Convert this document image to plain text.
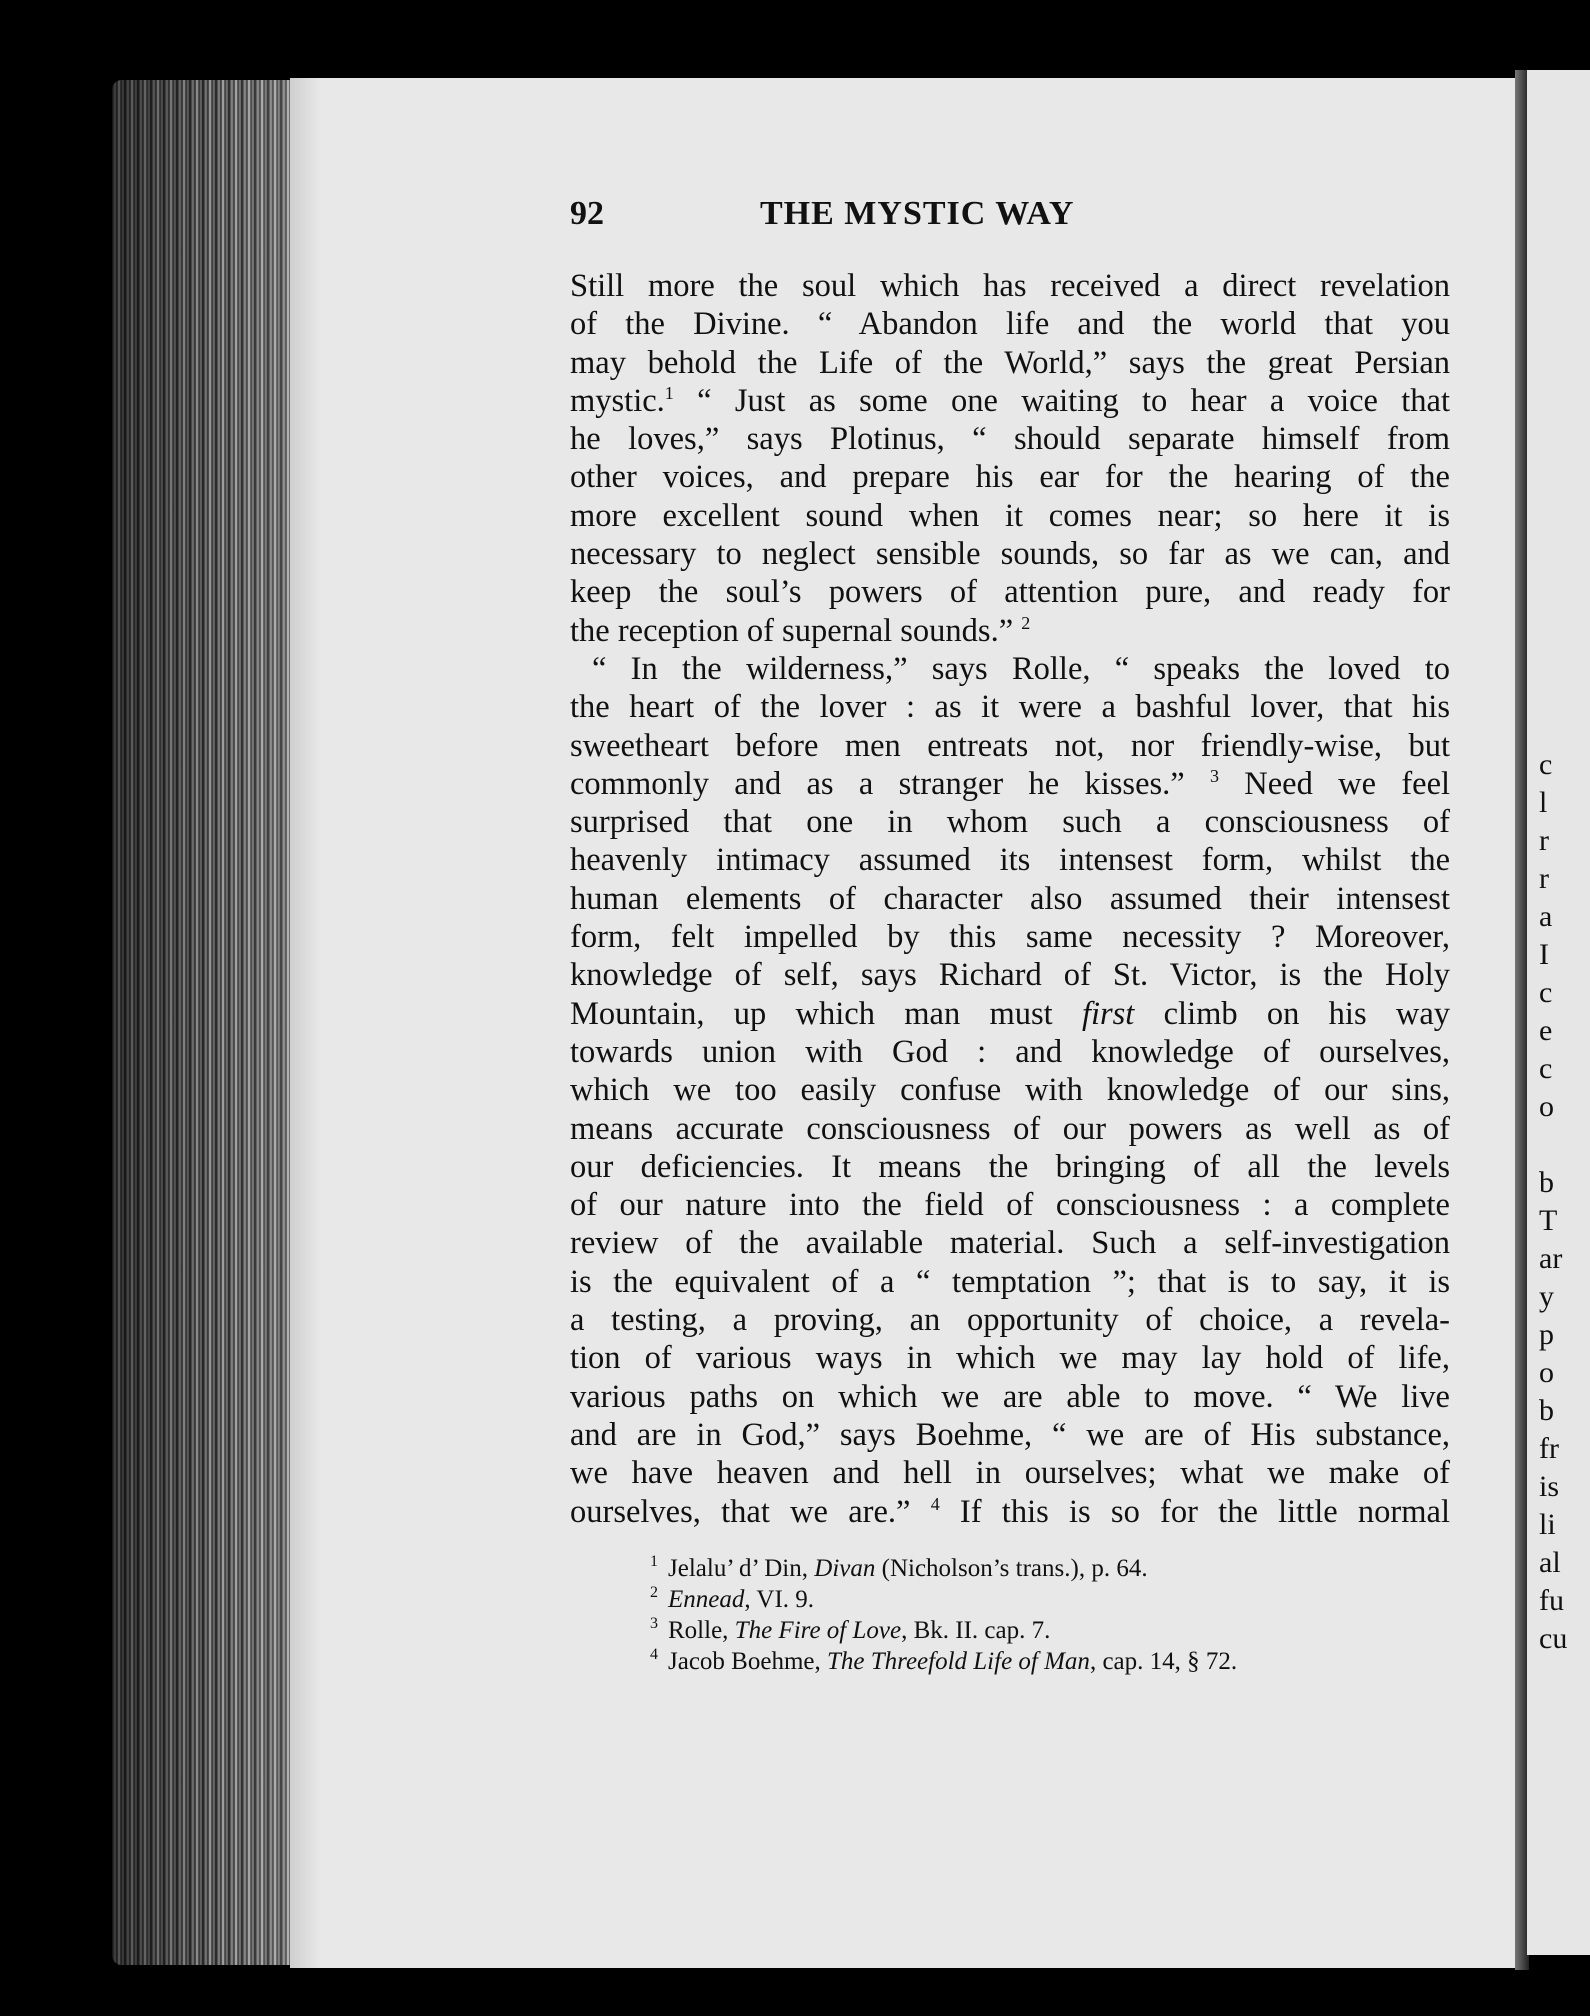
c
l
r
r
a
I
c
e
c
o
b
T
ar
y
p
o
b
fr
is
li
al
fu
cu
92	THE MYSTIC WAY
Still more the soul which has received a direct revelation
of the Divine. “ Abandon life and the world that you
may behold the Life of the World,” says the great Persian
mystic.$^1$ “ Just as some one waiting to hear a voice that
he loves,” says Plotinus, “ should separate himself from
other voices, and prepare his ear for the hearing of the
more excellent sound when it comes near; so here it is
necessary to neglect sensible sounds, so far as we can, and
keep the soul’s powers of attention pure, and ready for
the reception of supernal sounds.” $^2$
“ In the wilderness,” says Rolle, “ speaks the loved to
the heart of the lover : as it were a bashful lover, that his
sweetheart before men entreats not, nor friendly-wise, but
commonly and as a stranger he kisses.” $^3$ Need we feel
surprised that one in whom such a consciousness of
heavenly intimacy assumed its intensest form, whilst the
human elements of character also assumed their intensest
form, felt impelled by this same necessity ? Moreover,
knowledge of self, says Richard of St. Victor, is the Holy
Mountain, up which man must first climb on his way
towards union with God : and knowledge of ourselves,
which we too easily confuse with knowledge of our sins,
means accurate consciousness of our powers as well as of
our deficiencies. It means the bringing of all the levels
of our nature into the field of consciousness : a complete
review of the available material. Such a self-investigation
is the equivalent of a “ temptation ”; that is to say, it is
a testing, a proving, an opportunity of choice, a revela-
tion of various ways in which we may lay hold of life,
various paths on which we are able to move. “ We live
and are in God,” says Boehme, “ we are of His substance,
we have heaven and hell in ourselves; what we make of
ourselves, that we are.” $^4$ If this is so for the little normal
$^1$ Jelalu’ d’ Din, Divan (Nicholson’s trans.), p. 64.
$^2$ Ennead, VI. 9.
$^3$ Rolle, The Fire of Love, Bk. II. cap. 7.
$^4$ Jacob Boehme, The Threefold Life of Man, cap. 14, § 72.
